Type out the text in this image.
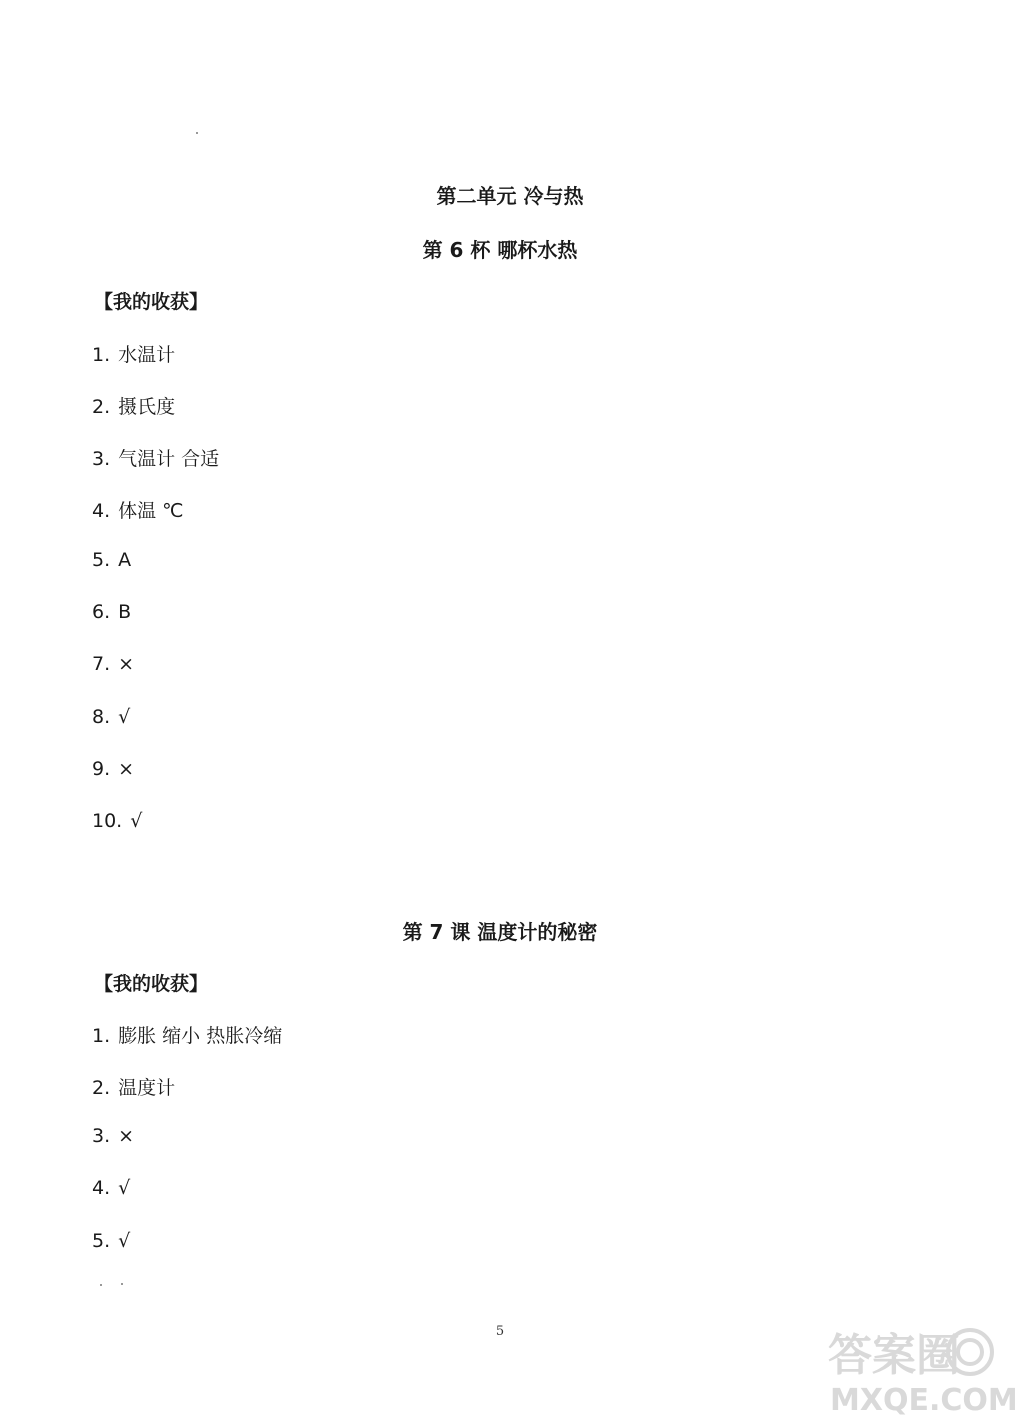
第二单元 冷与热
第 6 杯 哪杯水热
【我的收获】
1. 水温计
2. 摄氏度
3. 气温计 合适
4. 体温 ℃
5. A
6. B
7. ×
8. √
9. ×
10. √
第 7 课 温度计的秘密
【我的收获】
1. 膨胀 缩小 热胀冷缩
2. 温度计
3. ×
4. √
5. √
5	答案圈
MXQE.COM
